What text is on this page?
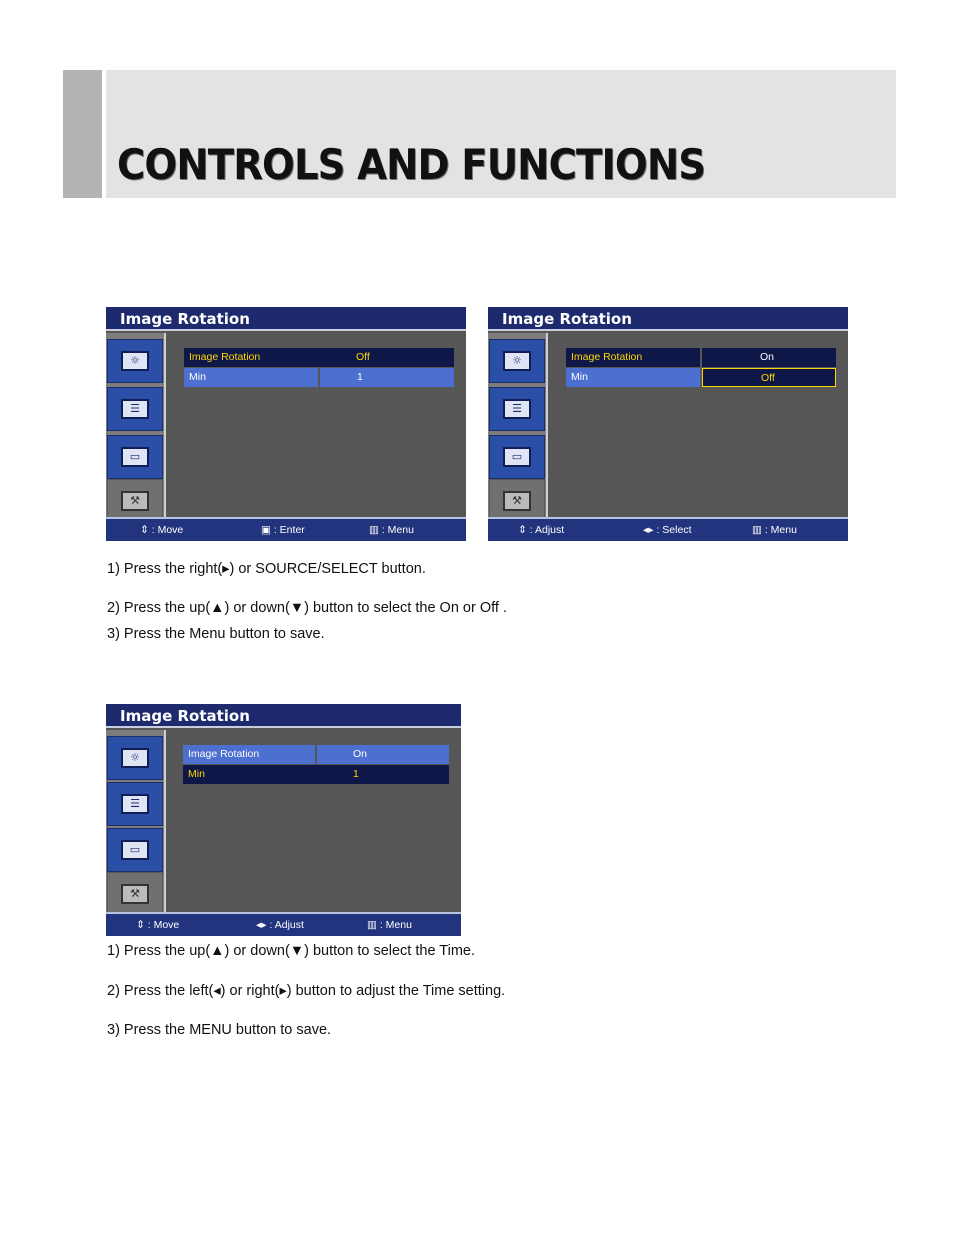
CONTROLS AND FUNCTIONS
Image Rotation
☼
☰
▭
⚒
Image Rotation	Off
Min	1
⇕ : Move	▣ : Enter	▥ : Menu
Image Rotation
☼
☰
▭
⚒
Image Rotation	On
Min	Off
⇕ : Adjust	◂▸ : Select	▥ : Menu
1) Press the right(▸) or SOURCE/SELECT button.
2) Press the up(▲) or down(▼) button to select the On or Off .
3) Press the Menu button to save.
Image Rotation
☼
☰
▭
⚒
Image Rotation	On
Min	1
⇕ : Move	◂▸ : Adjust	▥ : Menu
1) Press the up(▲) or down(▼) button to select the Time.
2) Press the left(◂) or right(▸) button to adjust the Time setting.
3) Press the MENU button to save.
